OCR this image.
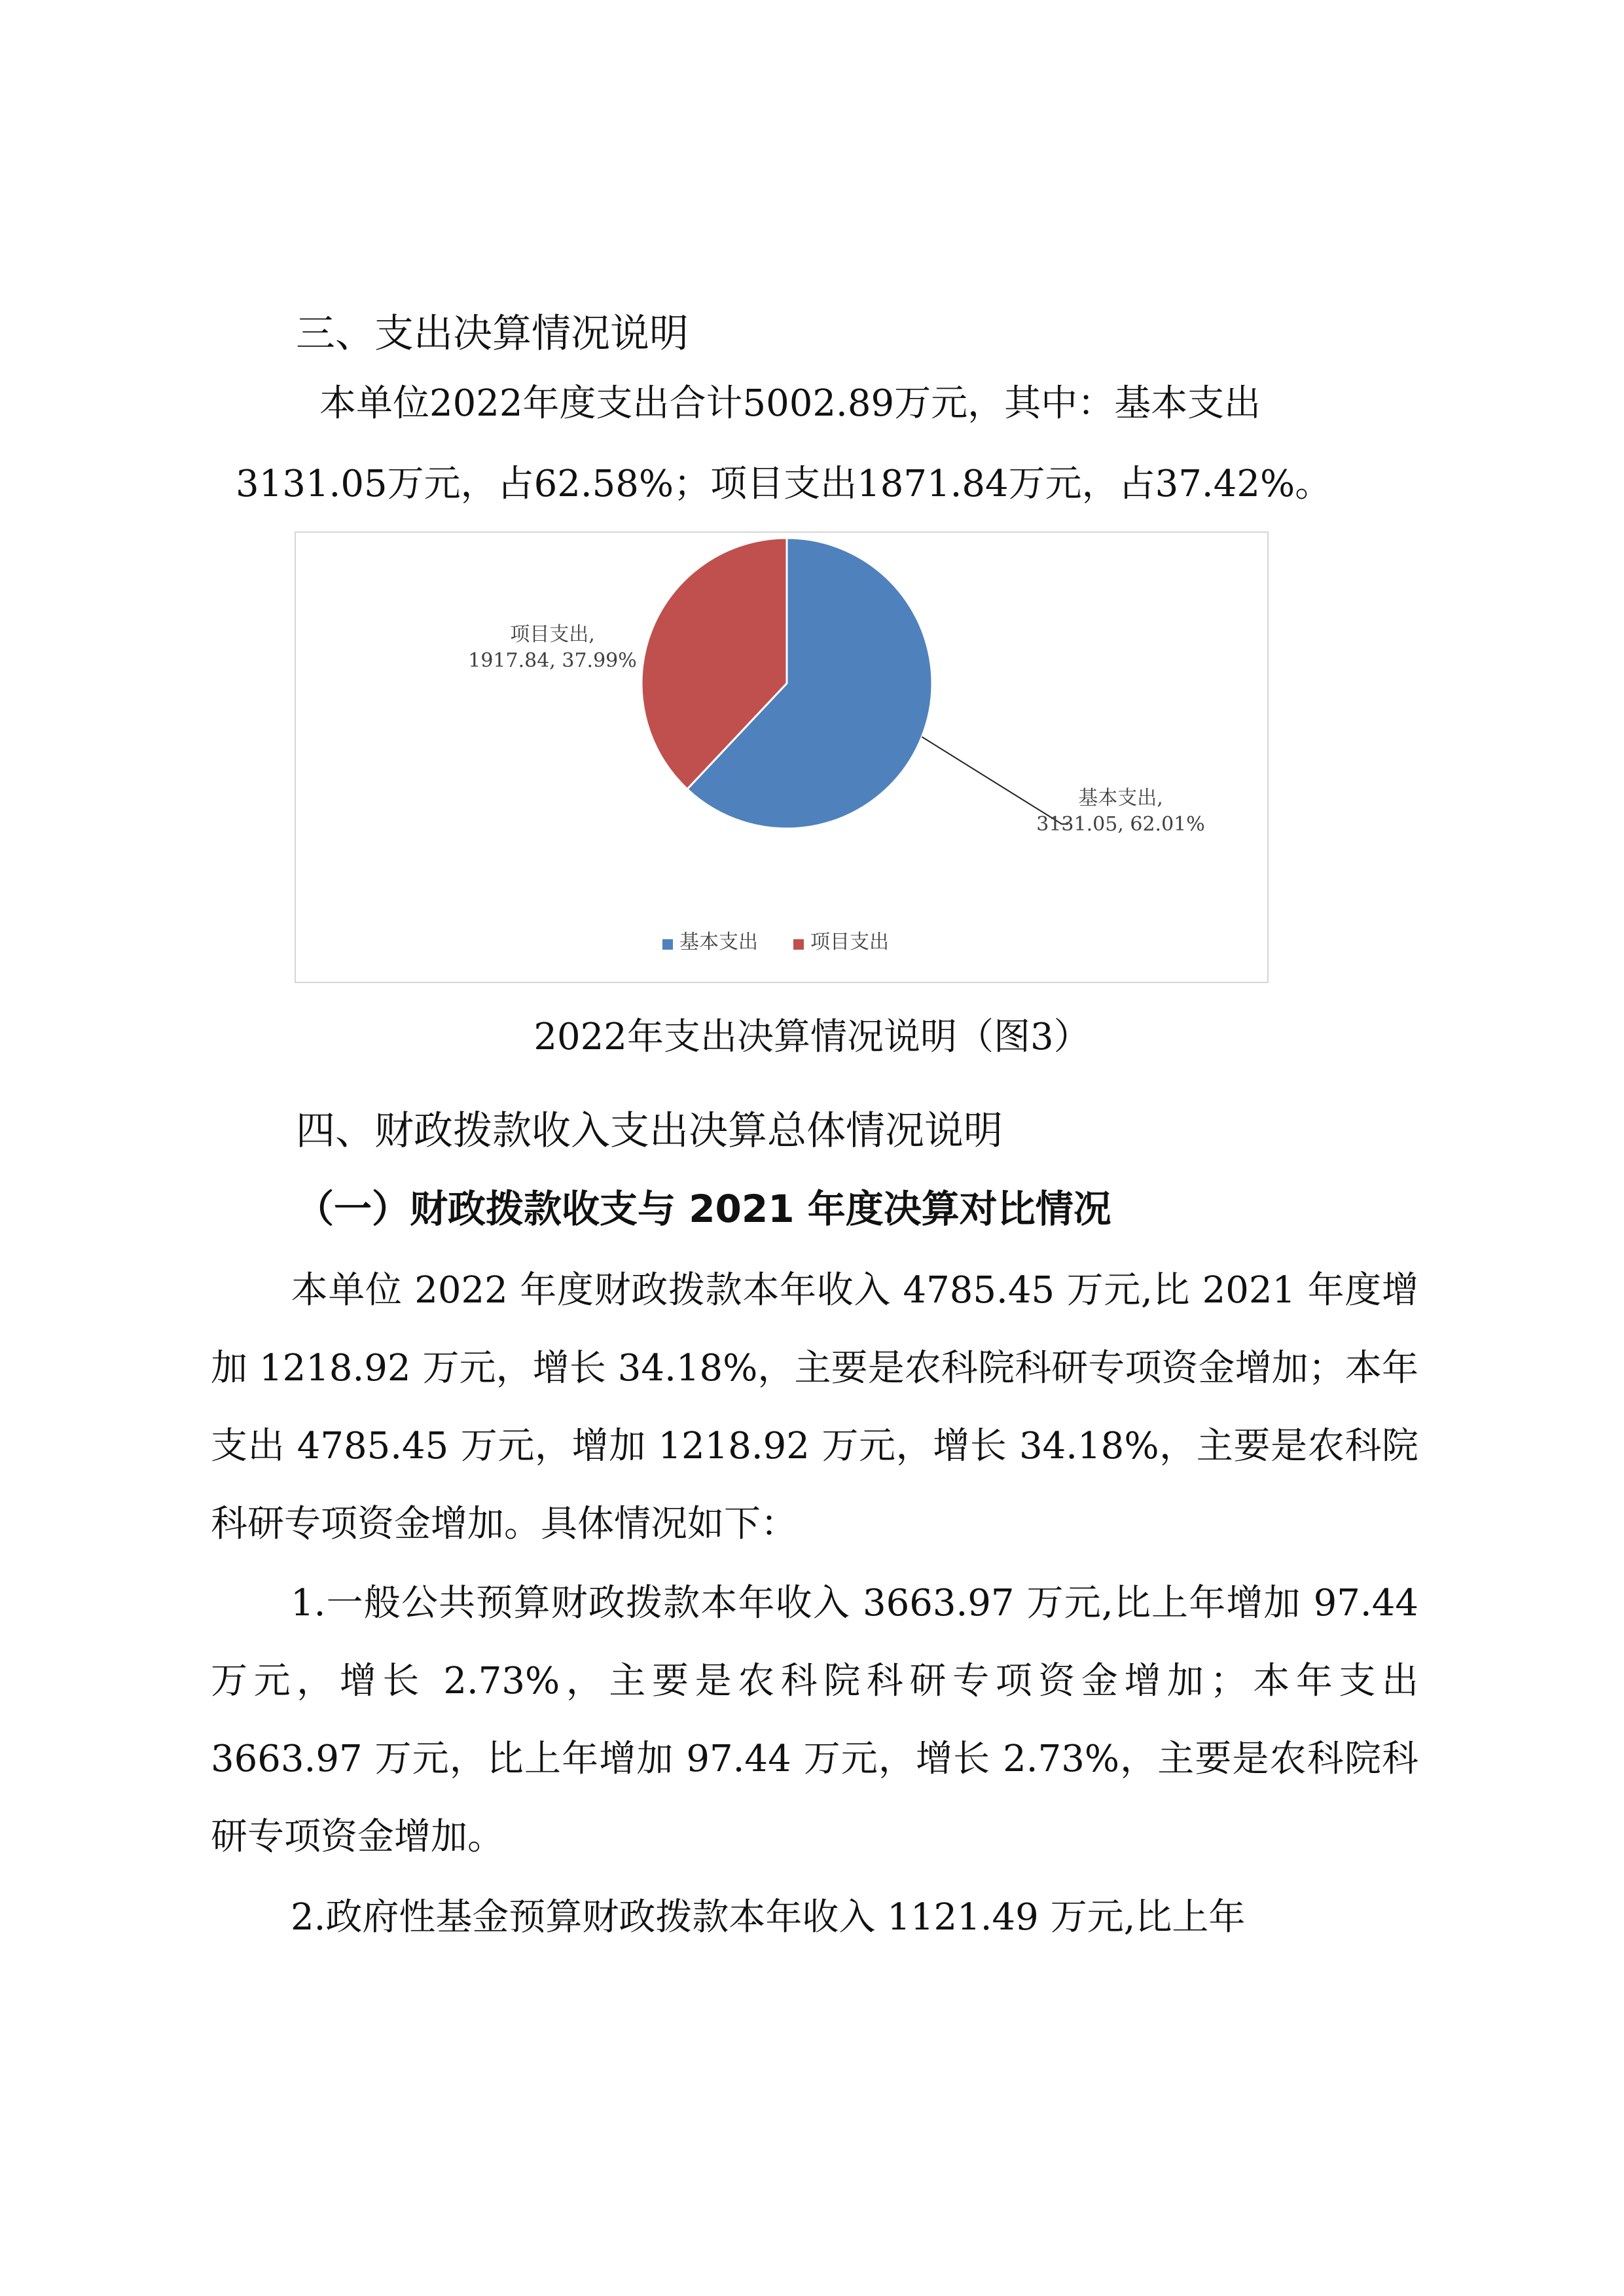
三、支出决算情况说明
本单位2022年度支出合计5002.89万元，其中：基本支出
3131.05万元，占62.58%；项目支出1871.84万元，占37.42%。
基本支出,
3131.05, 62.01%
项目支出,
1917.84, 37.99%
基本支出	项目支出
2022年支出决算情况说明（图3）
四、财政拨款收入支出决算总体情况说明
（一）财政拨款收支与 2021 年度决算对比情况

本单位 2022 年度财政拨款本年收入 4785.45 万元,比 2021 年度增加 1218.92 万元，增长 34.18%，主要是农科院科研专项资金增加；本年支出 4785.45 万元，增加 1218.92 万元，增长 34.18%，主要是农科院科研专项资金增加。具体情况如下：

1.一般公共预算财政拨款本年收入 3663.97 万元,比上年增加 97.44 万元，增长 2.73%，主要是农科院科研专项资金增加；本年支出 3663.97 万元，比上年增加 97.44 万元，增长 2.73%，主要是农科院科研专项资金增加。

2.政府性基金预算财政拨款本年收入 1121.49 万元,比上年
